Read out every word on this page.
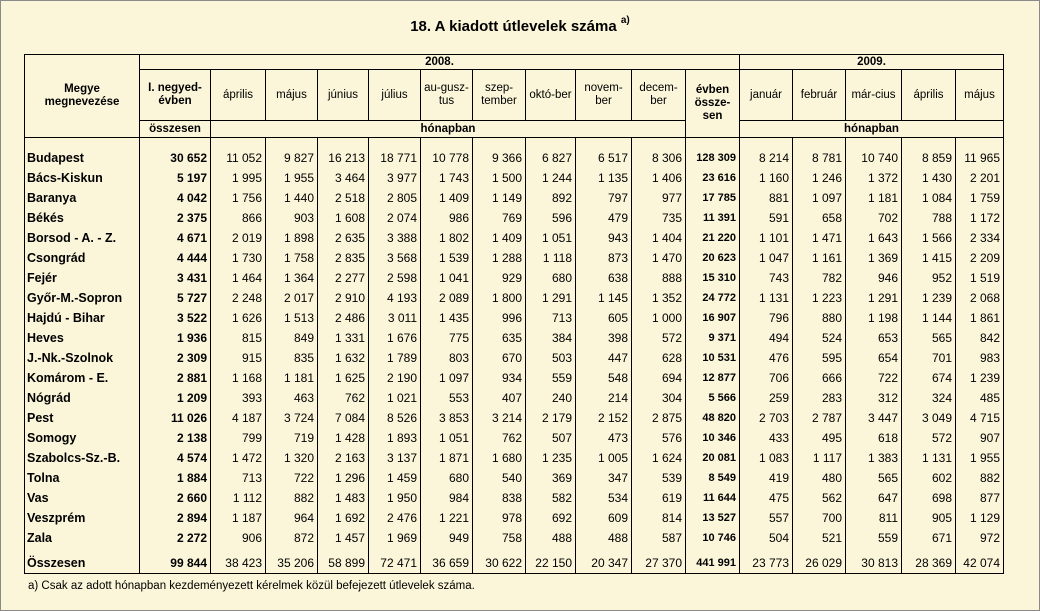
18. A kiadott útlevelek száma $^{a)}$
Megye megnevezése	2008.											2009.				
	I. negyed-évben	április	május	június	július	au-gusz-tus	szep-tember	októ-ber	novem-ber	decem-ber	évben össze-sen	január	február	már-cius	április	május
	összesen	hónapban										hónapban				

Budapest	30 652	11 052	9 827	16 213	18 771	10 778	9 366	6 827	6 517	8 306	128 309	8 214	8 781	10 740	8 859	11 965
Bács-Kiskun	5 197	1 995	1 955	3 464	3 977	1 743	1 500	1 244	1 135	1 406	23 616	1 160	1 246	1 372	1 430	2 201
Baranya	4 042	1 756	1 440	2 518	2 805	1 409	1 149	892	797	977	17 785	881	1 097	1 181	1 084	1 759
Békés	2 375	866	903	1 608	2 074	986	769	596	479	735	11 391	591	658	702	788	1 172
Borsod - A. - Z.	4 671	2 019	1 898	2 635	3 388	1 802	1 409	1 051	943	1 404	21 220	1 101	1 471	1 643	1 566	2 334
Csongrád	4 444	1 730	1 758	2 835	3 568	1 539	1 288	1 118	873	1 470	20 623	1 047	1 161	1 369	1 415	2 209
Fejér	3 431	1 464	1 364	2 277	2 598	1 041	929	680	638	888	15 310	743	782	946	952	1 519
Győr-M.-Sopron	5 727	2 248	2 017	2 910	4 193	2 089	1 800	1 291	1 145	1 352	24 772	1 131	1 223	1 291	1 239	2 068
Hajdú - Bihar	3 522	1 626	1 513	2 486	3 011	1 435	996	713	605	1 000	16 907	796	880	1 198	1 144	1 861
Heves	1 936	815	849	1 331	1 676	775	635	384	398	572	9 371	494	524	653	565	842
J.-Nk.-Szolnok	2 309	915	835	1 632	1 789	803	670	503	447	628	10 531	476	595	654	701	983
Komárom - E.	2 881	1 168	1 181	1 625	2 190	1 097	934	559	548	694	12 877	706	666	722	674	1 239
Nógrád	1 209	393	463	762	1 021	553	407	240	214	304	5 566	259	283	312	324	485
Pest	11 026	4 187	3 724	7 084	8 526	3 853	3 214	2 179	2 152	2 875	48 820	2 703	2 787	3 447	3 049	4 715
Somogy	2 138	799	719	1 428	1 893	1 051	762	507	473	576	10 346	433	495	618	572	907
Szabolcs-Sz.-B.	4 574	1 472	1 320	2 163	3 137	1 871	1 680	1 235	1 005	1 624	20 081	1 083	1 117	1 383	1 131	1 955
Tolna	1 884	713	722	1 296	1 459	680	540	369	347	539	8 549	419	480	565	602	882
Vas	2 660	1 112	882	1 483	1 950	984	838	582	534	619	11 644	475	562	647	698	877
Veszprém	2 894	1 187	964	1 692	2 476	1 221	978	692	609	814	13 527	557	700	811	905	1 129
Zala	2 272	906	872	1 457	1 969	949	758	488	488	587	10 746	504	521	559	671	972

Összesen	99 844	38 423	35 206	58 899	72 471	36 659	30 622	22 150	20 347	27 370	441 991	23 773	26 029	30 813	28 369	42 074
a) Csak az adott hónapban kezdeményezett kérelmek közül befejezett útlevelek száma.
